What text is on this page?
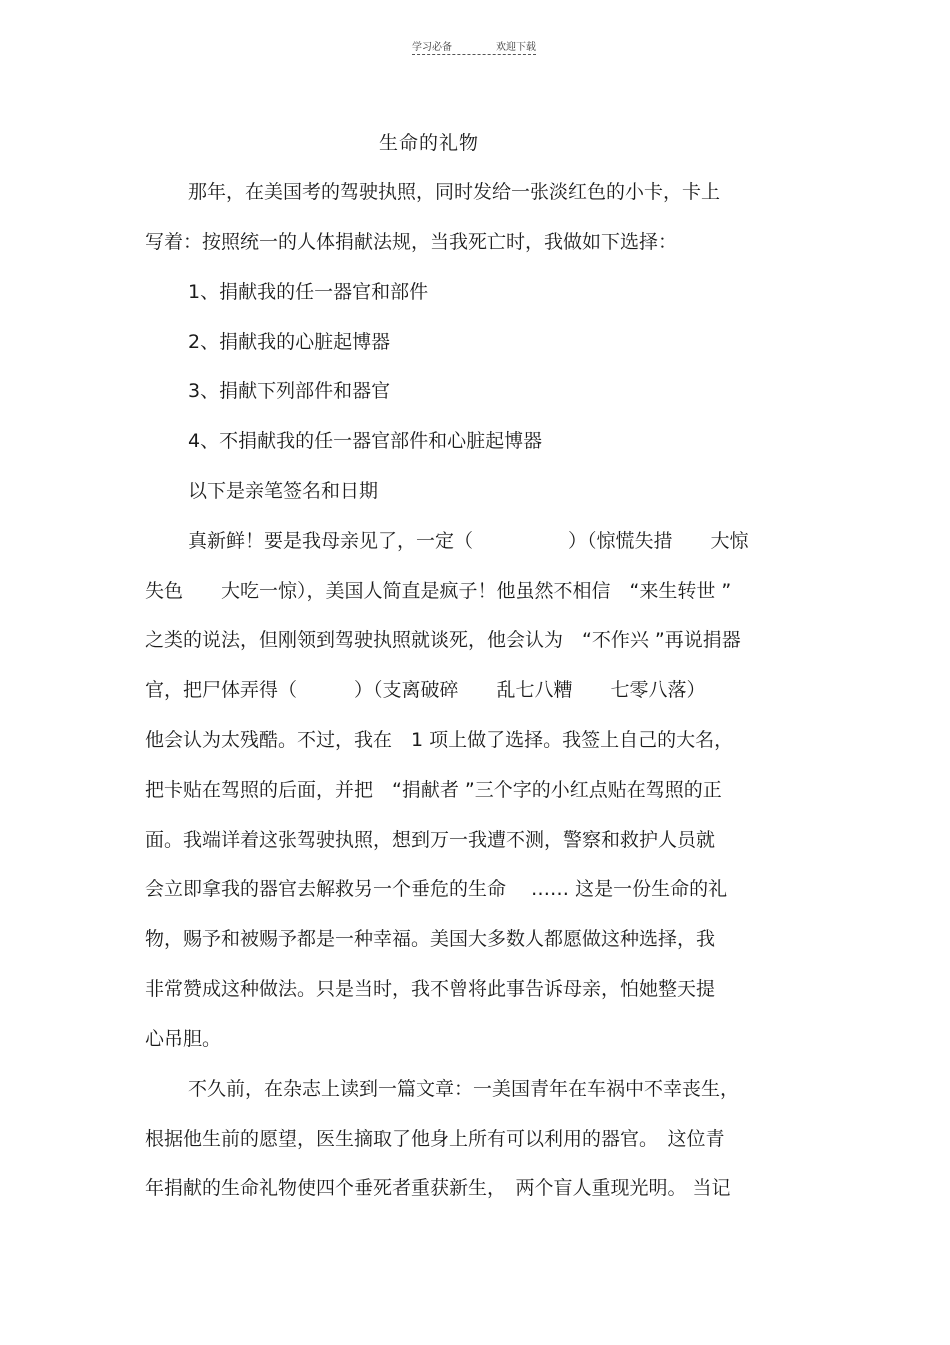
学习必备	欢迎下载
生命的礼物
那年，在美国考的驾驶执照，同时发给一张淡红色的小卡，卡上
写着：按照统一的人体捐献法规，当我死亡时，我做如下选择：
1、捐献我的任一器官和部件
2、捐献我的心脏起博器
3、捐献下列部件和器官
4、不捐献我的任一器官部件和心脏起博器
以下是亲笔签名和日期
真新鲜！要是我母亲见了，一定（　　　　　）（惊慌失措　　大惊
失色　　大吃一惊），美国人简直是疯子！他虽然不相信　“来生转世 ”
之类的说法，但刚领到驾驶执照就谈死，他会认为　“不作兴 ”再说捐器
官，把尸体弄得（　　　）（支离破碎　　乱七八糟　　七零八落）
他会认为太残酷。不过，我在　1 项上做了选择。我签上自己的大名，
把卡贴在驾照的后面，并把　“捐献者 ”三个字的小红点贴在驾照的正
面。我端详着这张驾驶执照，想到万一我遭不测，警察和救护人员就
会立即拿我的器官去解救另一个垂危的生命　 …… 这是一份生命的礼
物，赐予和被赐予都是一种幸福。美国大多数人都愿做这种选择，我
非常赞成这种做法。只是当时，我不曾将此事告诉母亲，怕她整天提
心吊胆。
不久前，在杂志上读到一篇文章：一美国青年在车祸中不幸丧生，
根据他生前的愿望，医生摘取了他身上所有可以利用的器官。　这位青
年捐献的生命礼物使四个垂死者重获新生，　两个盲人重现光明。 当记
